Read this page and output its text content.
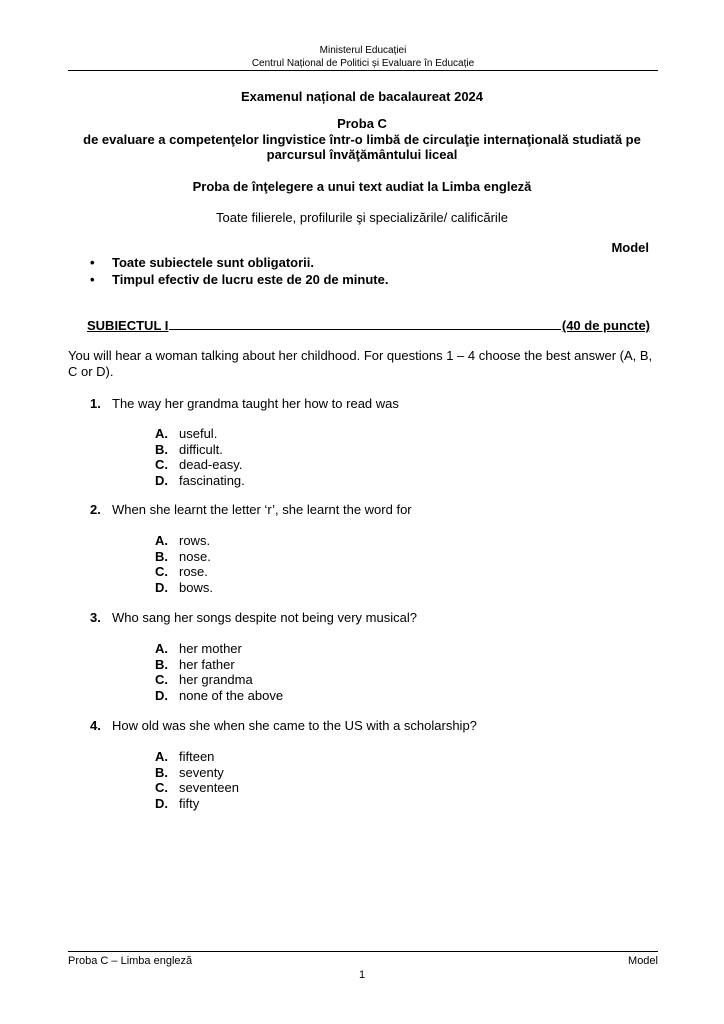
Ministerul Educației
Centrul Național de Politici și Evaluare în Educație
Examenul național de bacalaureat 2024
Proba C
de evaluare a competenţelor lingvistice într-o limbă de circulaţie internaţională studiată pe
parcursul învăţământului liceal
Proba de înţelegere a unui text audiat la Limba engleză
Toate filierele, profilurile şi specializările/ calificările
Model
• Toate subiectele sunt obligatorii.
• Timpul efectiv de lucru este de 20 de minute.
SUBIECTUL I	(40 de puncte)
You will hear a woman talking about her childhood. For questions 1 – 4 choose the best answer (A, B, C or D).
1. The way her grandma taught her how to read was
A. useful.
B. difficult.
C. dead-easy.
D. fascinating.
2. When she learnt the letter ‘r’, she learnt the word for
A. rows.
B. nose.
C. rose.
D. bows.
3. Who sang her songs despite not being very musical?
A. her mother
B. her father
C. her grandma
D. none of the above
4. How old was she when she came to the US with a scholarship?
A. fifteen
B. seventy
C. seventeen
D. fifty
Proba C – Limba engleză	Model
1
